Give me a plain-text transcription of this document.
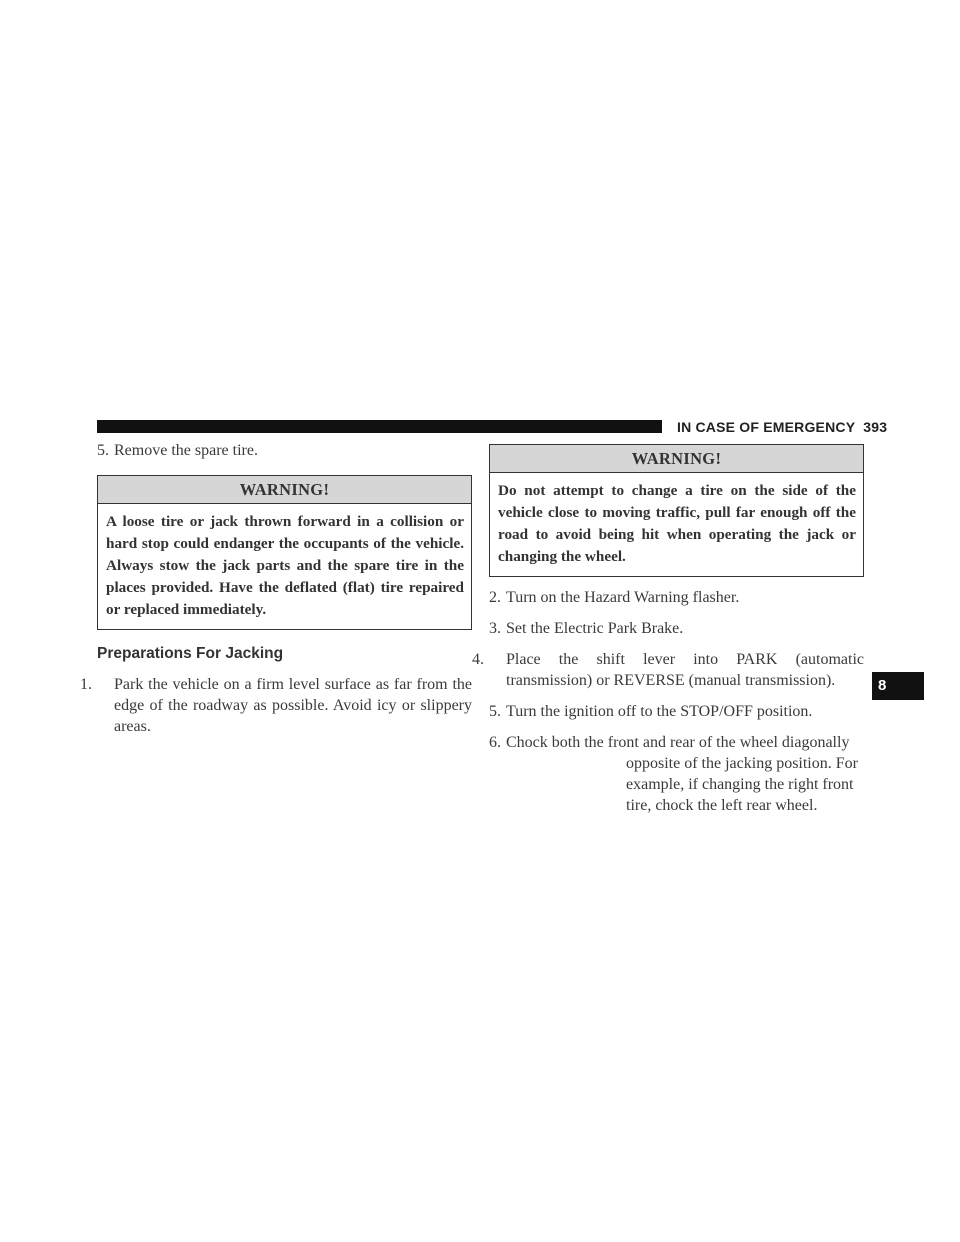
IN CASE OF EMERGENCY 393

5. Remove the spare tire.

WARNING!
A loose tire or jack thrown forward in a collision or hard stop could endanger the occupants of the vehicle. Always stow the jack parts and the spare tire in the places provided. Have the deflated (flat) tire repaired or replaced immediately.
Preparations For Jacking

1. Park the vehicle on a firm level surface as far from the edge of the roadway as possible. Avoid icy or slippery areas.

WARNING!
Do not attempt to change a tire on the side of the vehicle close to moving traffic, pull far enough off the road to avoid being hit when operating the jack or changing the wheel.

2. Turn on the Hazard Warning flasher.

3. Set the Electric Park Brake.

4. Place the shift lever into PARK (automatic transmission) or REVERSE (manual transmission).

5. Turn the ignition off to the STOP/OFF position.

6. Chock both the front and rear of the wheel diagonally
opposite of the jacking position. For
example, if changing the right front
tire, chock the left rear wheel.
8
